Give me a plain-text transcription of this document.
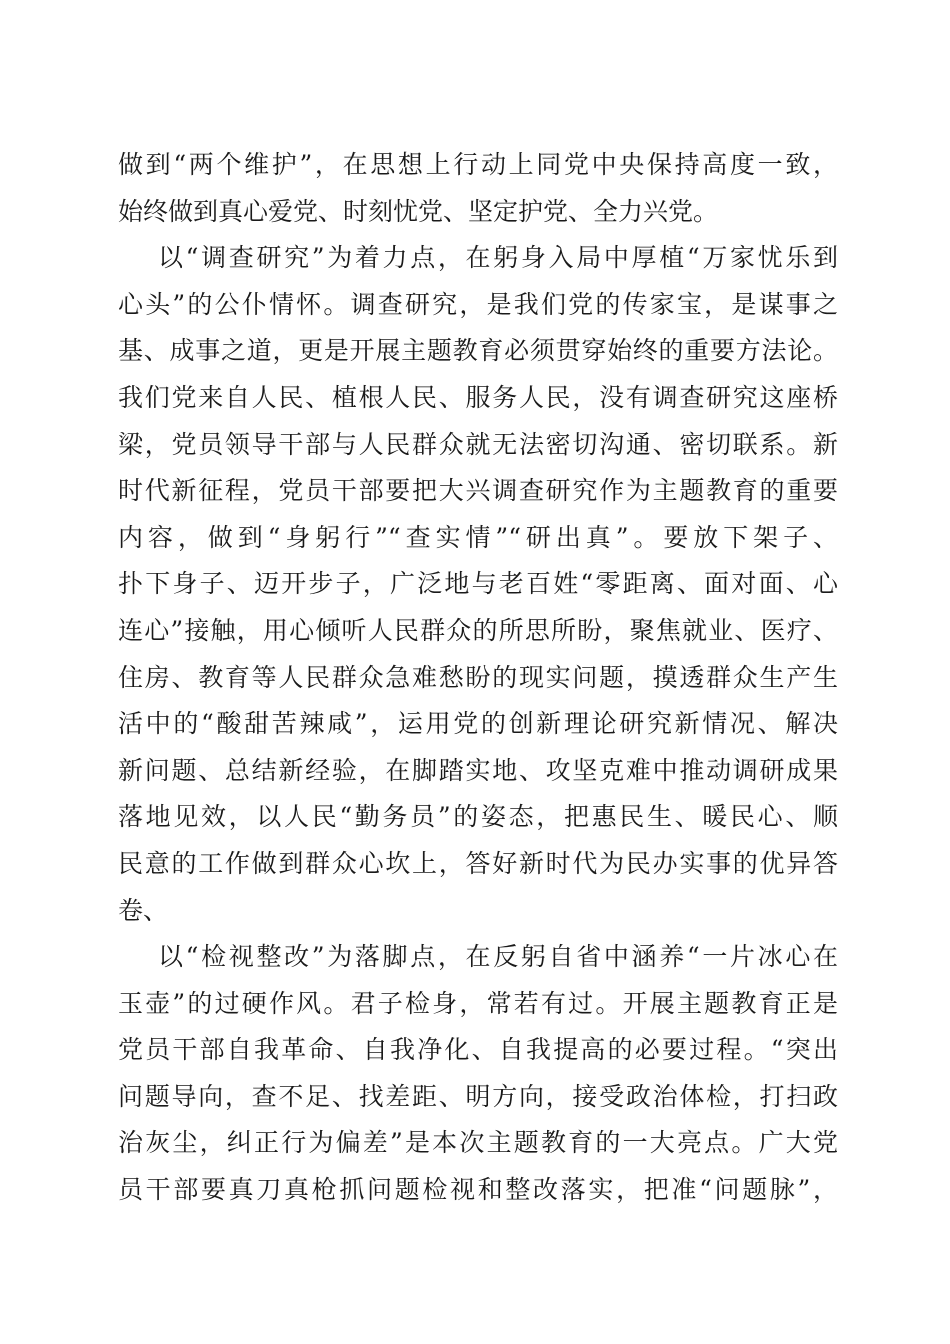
做到“两个维护”，在思想上行动上同党中央保持高度一致，
始终做到真心爱党、时刻忧党、坚定护党、全力兴党。
以“调查研究”为着力点，在躬身入局中厚植“万家忧乐到
心头”的公仆情怀。调查研究，是我们党的传家宝，是谋事之
基、成事之道，更是开展主题教育必须贯穿始终的重要方法论。
我们党来自人民、植根人民、服务人民，没有调查研究这座桥
梁，党员领导干部与人民群众就无法密切沟通、密切联系。新
时代新征程，党员干部要把大兴调查研究作为主题教育的重要
内容，做到“身躬行”“查实情”“研出真”。要放下架子、
扑下身子、迈开步子，广泛地与老百姓“零距离、面对面、心
连心”接触，用心倾听人民群众的所思所盼，聚焦就业、医疗、
住房、教育等人民群众急难愁盼的现实问题，摸透群众生产生
活中的“酸甜苦辣咸”，运用党的创新理论研究新情况、解决
新问题、总结新经验，在脚踏实地、攻坚克难中推动调研成果
落地见效，以人民“勤务员”的姿态，把惠民生、暖民心、顺
民意的工作做到群众心坎上，答好新时代为民办实事的优异答
卷、
以“检视整改”为落脚点，在反躬自省中涵养“一片冰心在
玉壶”的过硬作风。君子检身，常若有过。开展主题教育正是
党员干部自我革命、自我净化、自我提高的必要过程。“突出
问题导向，查不足、找差距、明方向，接受政治体检，打扫政
治灰尘，纠正行为偏差”是本次主题教育的一大亮点。广大党
员干部要真刀真枪抓问题检视和整改落实，把准“问题脉”，
